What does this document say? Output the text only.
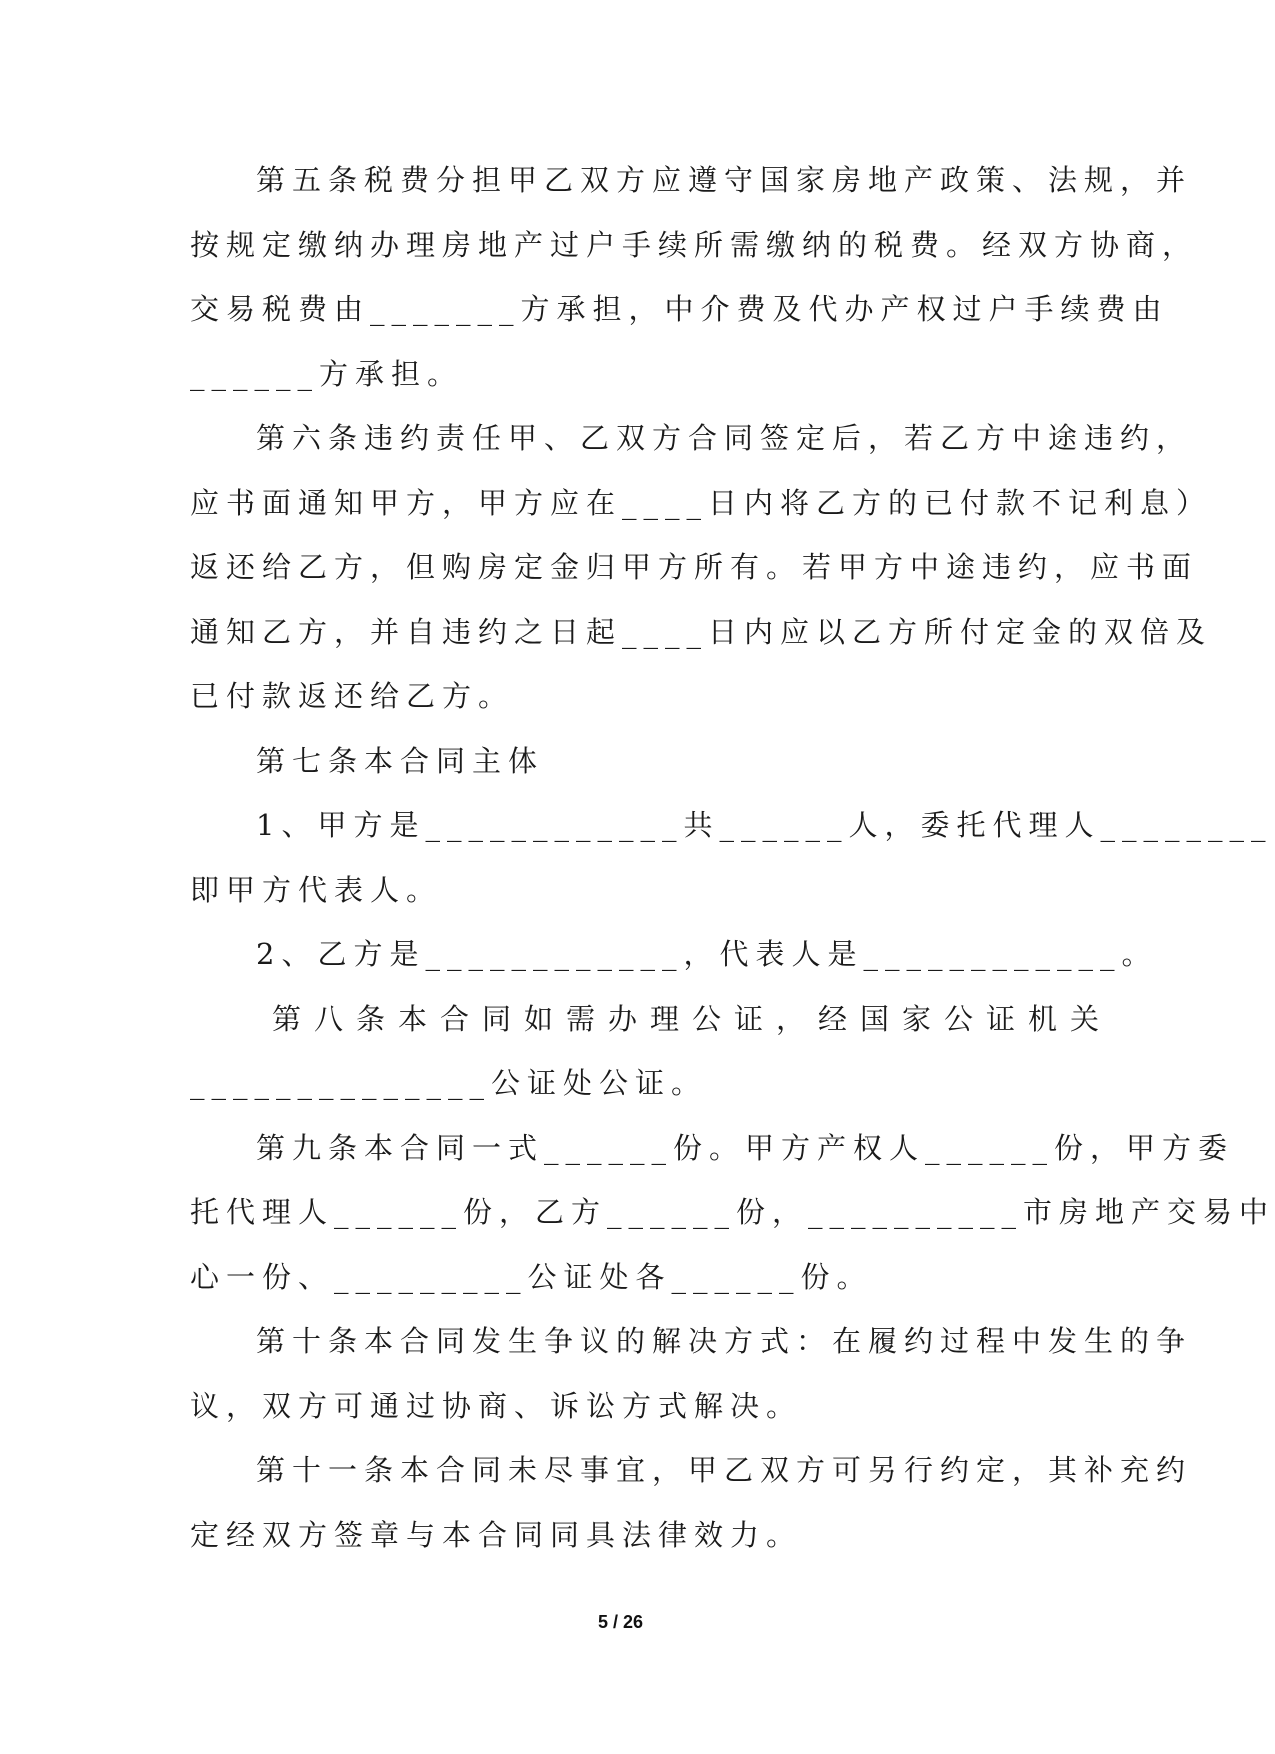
第五条税费分担甲乙双方应遵守国家房地产政策、法规，并
按规定缴纳办理房地产过户手续所需缴纳的税费。经双方协商，
交易税费由_______方承担，中介费及代办产权过户手续费由
______方承担。
第六条违约责任甲、乙双方合同签定后，若乙方中途违约，
应书面通知甲方，甲方应在____日内将乙方的已付款不记利息）
返还给乙方，但购房定金归甲方所有。若甲方中途违约，应书面
通知乙方，并自违约之日起____日内应以乙方所付定金的双倍及
已付款返还给乙方。
第七条本合同主体
1、甲方是____________共______人，委托代理人________
即甲方代表人。
2、乙方是____________，代表人是____________。
第八条本合同如需办理公证，经国家公证机关
______________公证处公证。
第九条本合同一式______份。甲方产权人______份，甲方委
托代理人______份，乙方______份，__________市房地产交易中
心一份、_________公证处各______份。
第十条本合同发生争议的解决方式：在履约过程中发生的争
议，双方可通过协商、诉讼方式解决。
第十一条本合同未尽事宜，甲乙双方可另行约定，其补充约
定经双方签章与本合同同具法律效力。
5 / 26
